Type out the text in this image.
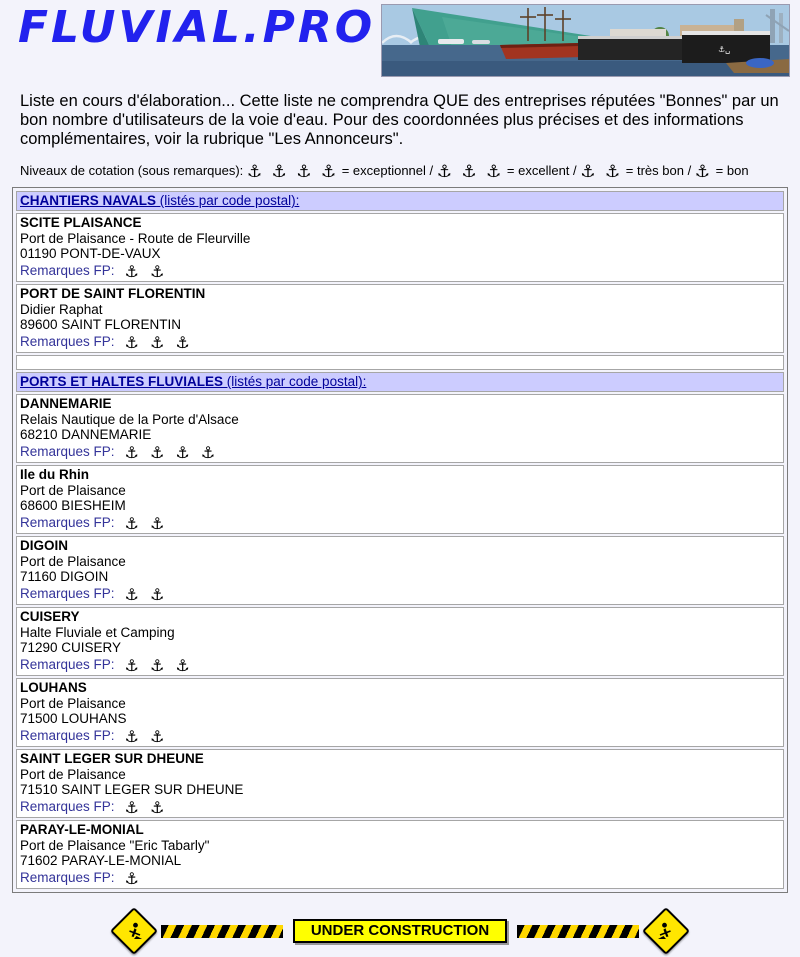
FLUVIAL.PRO	⚓␣

Liste en cours d'élaboration... Cette liste ne comprendra QUE des entreprises réputées "Bonnes" par un bon nombre d'utilisateurs de la voie d'eau. Pour des coordonnées plus précises et des informations complémentaires, voir la rubrique "Les Annonceurs".

Niveaux de cotation (sous remarques): ⚓ ⚓ ⚓ ⚓ = exceptionnel / ⚓ ⚓ ⚓ = excellent / ⚓ ⚓ = très bon / ⚓ = bon
CHANTIERS NAVALS (listés par code postal):
SCITE PLAISANCE
Port de Plaisance - Route de Fleurville
01190 PONT-DE-VAUX
Remarques FP: ⚓ ⚓
PORT DE SAINT FLORENTIN
Didier Raphat
89600 SAINT FLORENTIN
Remarques FP: ⚓ ⚓ ⚓
PORTS ET HALTES FLUVIALES (listés par code postal):
DANNEMARIE
Relais Nautique de la Porte d'Alsace
68210 DANNEMARIE
Remarques FP: ⚓ ⚓ ⚓ ⚓
Ile du Rhin
Port de Plaisance
68600 BIESHEIM
Remarques FP: ⚓ ⚓
DIGOIN
Port de Plaisance
71160 DIGOIN
Remarques FP: ⚓ ⚓
CUISERY
Halte Fluviale et Camping
71290 CUISERY
Remarques FP: ⚓ ⚓ ⚓
LOUHANS
Port de Plaisance
71500 LOUHANS
Remarques FP: ⚓ ⚓
SAINT LEGER SUR DHEUNE
Port de Plaisance
71510 SAINT LEGER SUR DHEUNE
Remarques FP: ⚓ ⚓
PARAY-LE-MONIAL
Port de Plaisance "Eric Tabarly"
71602 PARAY-LE-MONIAL
Remarques FP: ⚓
UNDER CONSTRUCTION
